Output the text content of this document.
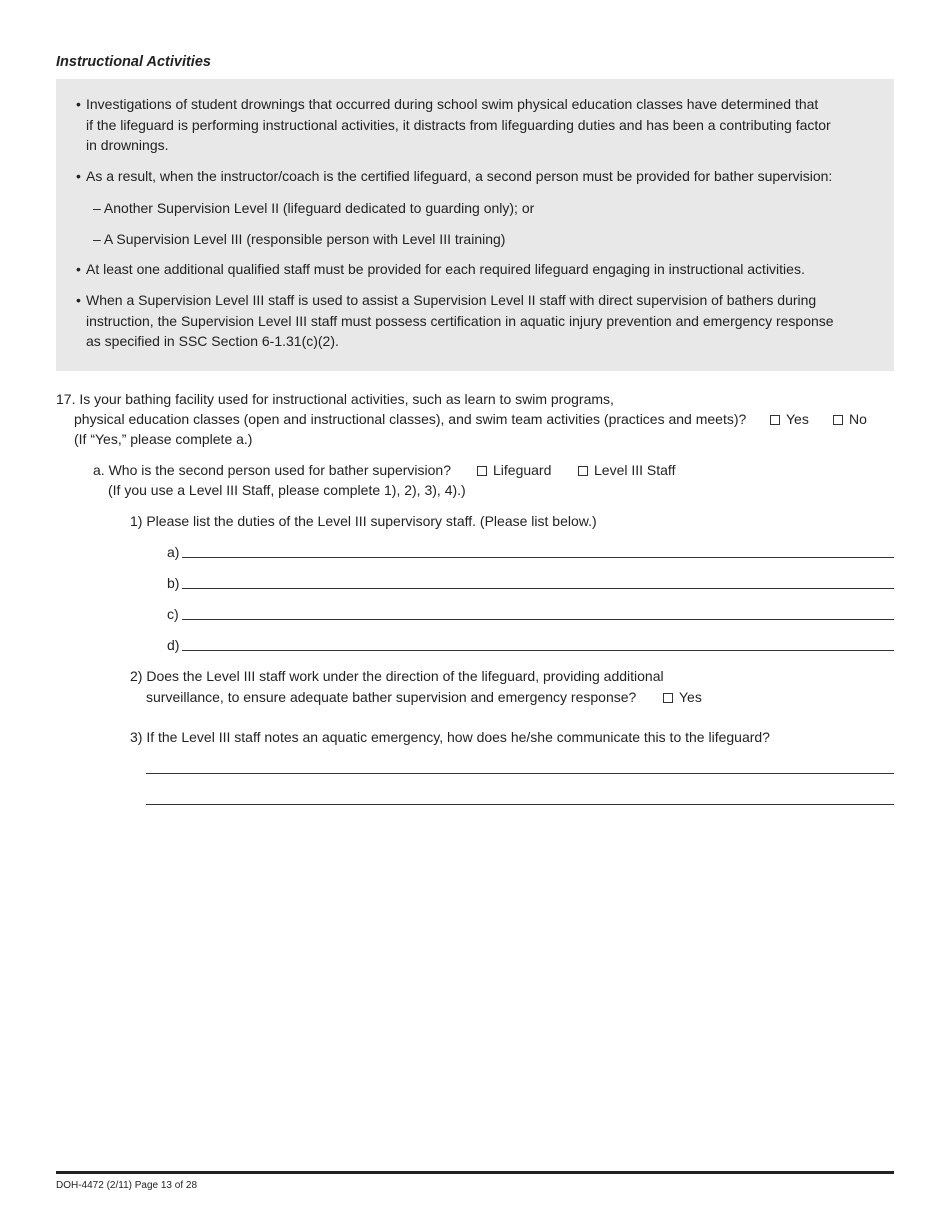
Instructional Activities
• Investigations of student drownings that occurred during school swim physical education classes have determined that
if the lifeguard is performing instructional activities, it distracts from lifeguarding duties and has been a contributing factor
in drownings.
• As a result, when the instructor/coach is the certified lifeguard, a second person must be provided for bather supervision:
– Another Supervision Level II (lifeguard dedicated to guarding only); or
– A Supervision Level III (responsible person with Level III training)
• At least one additional qualified staff must be provided for each required lifeguard engaging in instructional activities.
• When a Supervision Level III staff is used to assist a Supervision Level II staff with direct supervision of bathers during
instruction, the Supervision Level III staff must possess certification in aquatic injury prevention and emergency response
as specified in SSC Section 6-1.31(c)(2).
17. Is your bathing facility used for instructional activities, such as learn to swim programs,
physical education classes (open and instructional classes), and swim team activities (practices and meets)?
(If “Yes,” please complete a.)
Yes	No
a. Who is the second person used for bather supervision?
(If you use a Level III Staff, please complete 1), 2), 3), 4).)
Lifeguard	Level III Staff
1) Please list the duties of the Level III supervisory staff. (Please list below.)
a)
b)
c)
d)
2) Does the Level III staff work under the direction of the lifeguard, providing additional
surveillance, to ensure adequate bather supervision and emergency response?	Yes
3) If the Level III staff notes an aquatic emergency, how does he/she communicate this to the lifeguard?
DOH-4472 (2/11) Page 13 of 28
